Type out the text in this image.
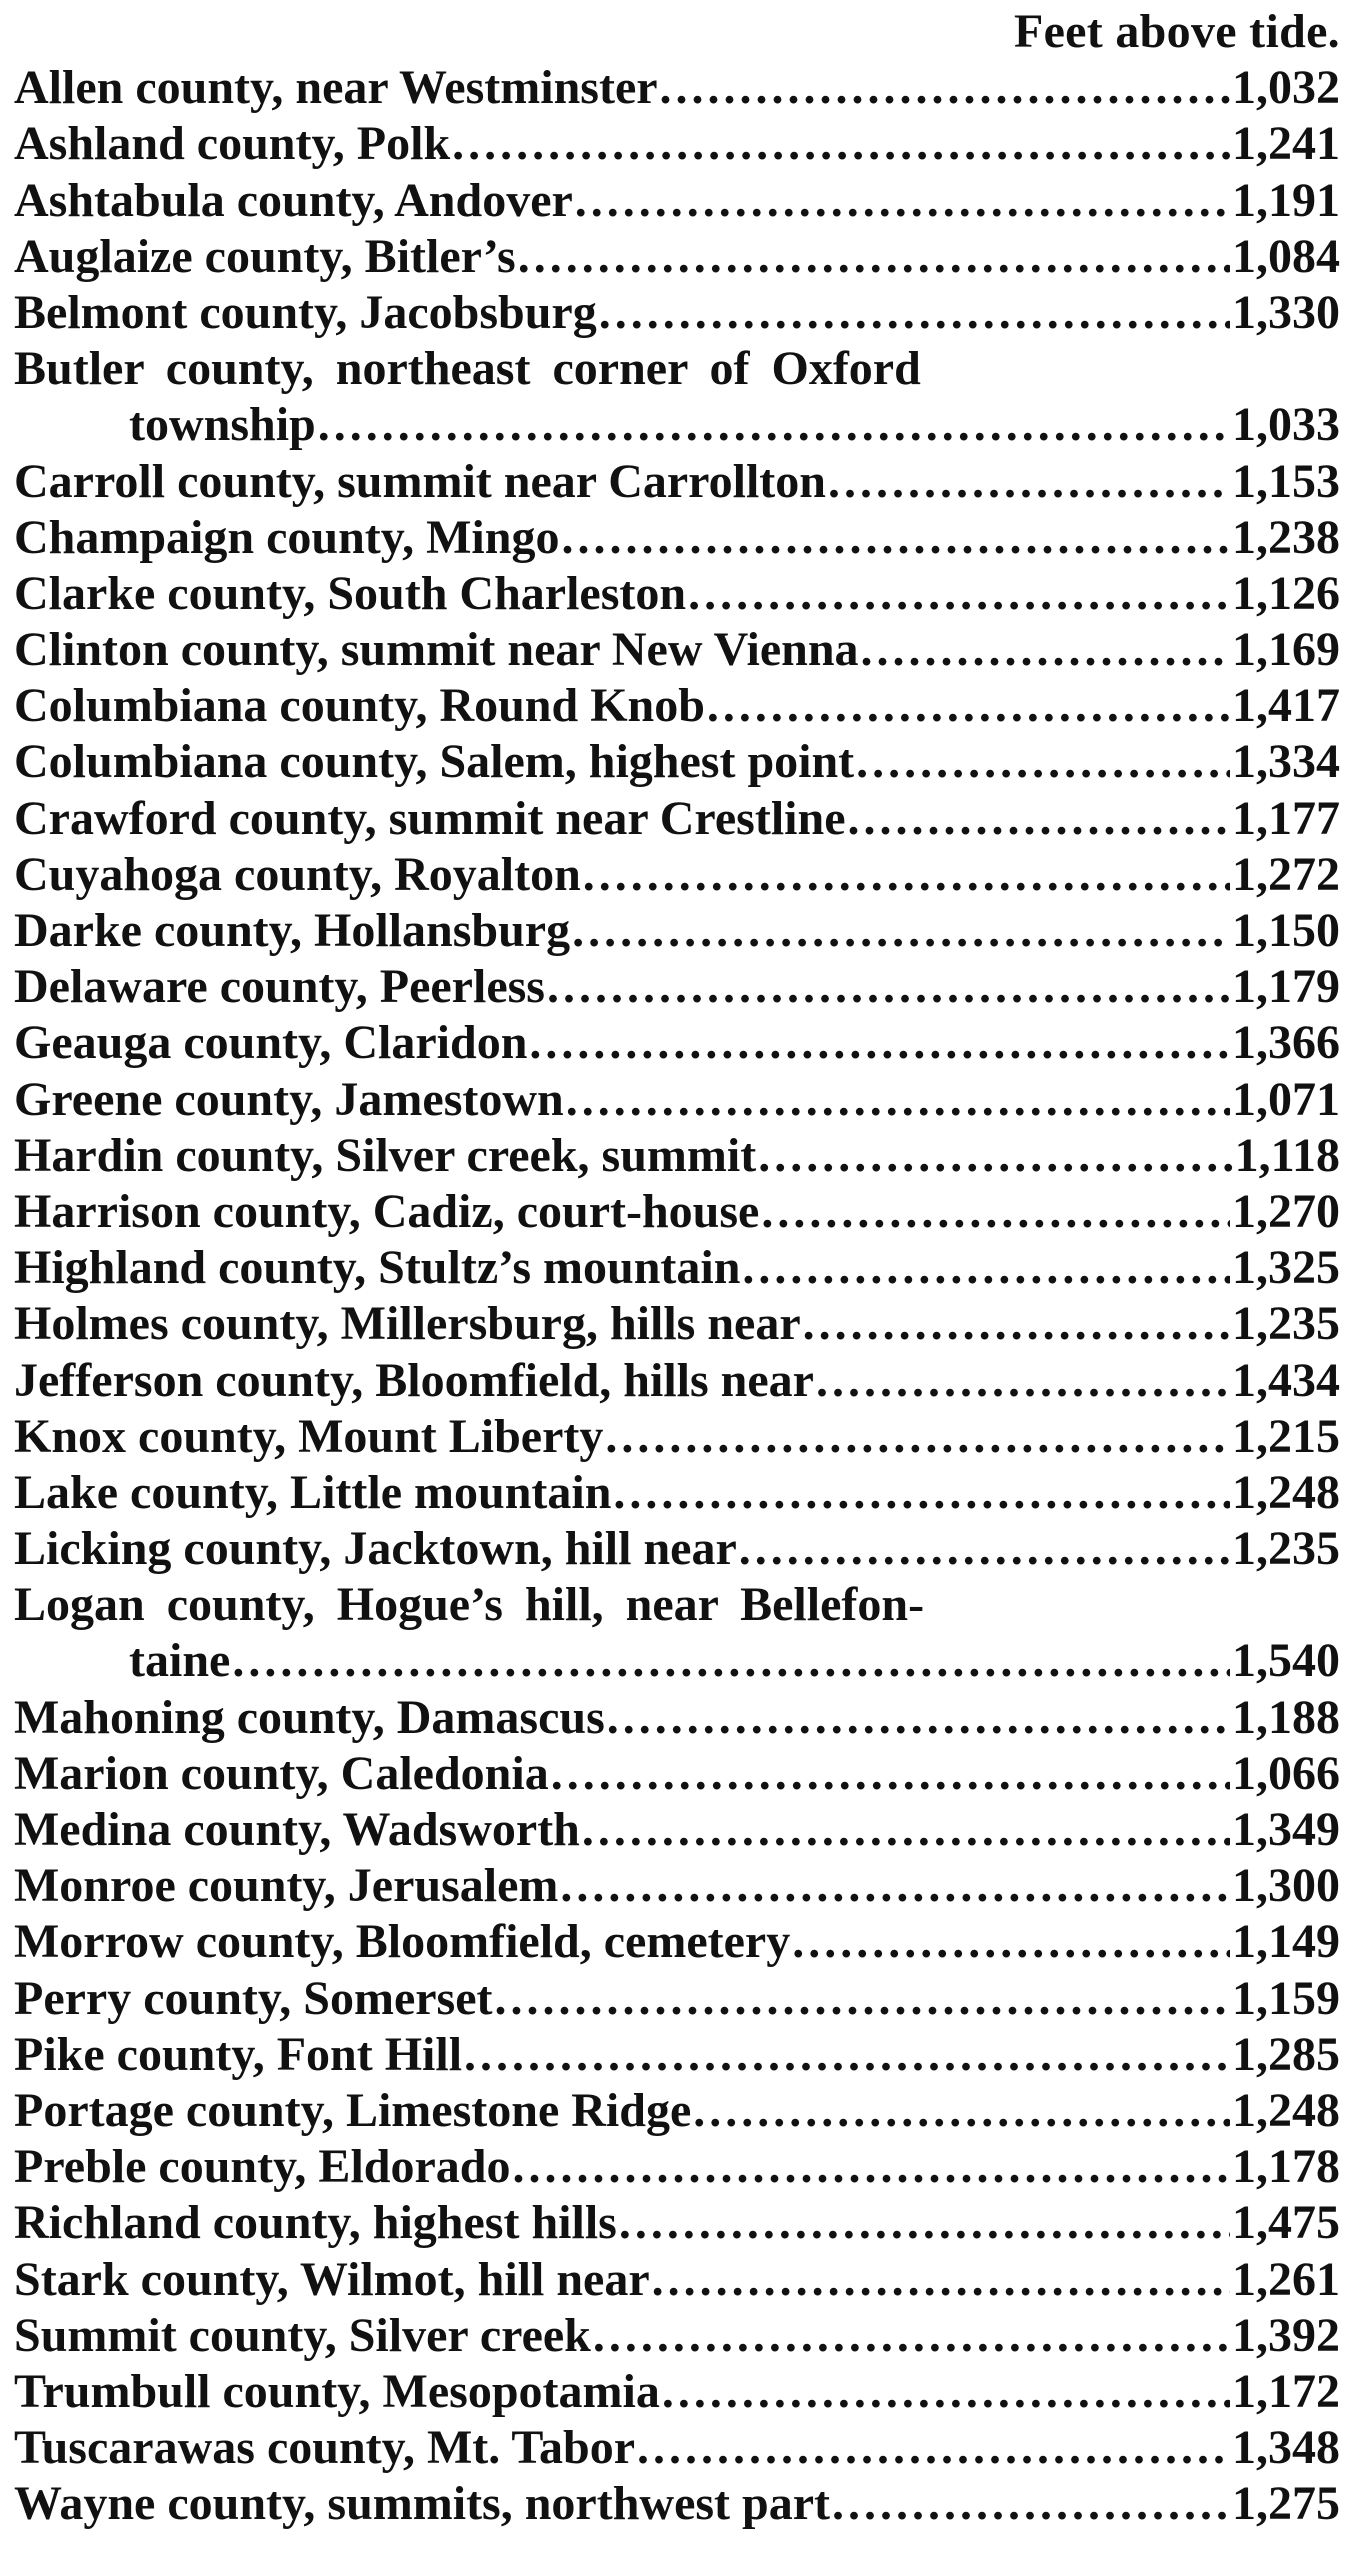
Feet above tide.
Allen county, near Westminster .....	1,032
Ashland county, Polk .....	1,241
Ashtabula county, Andover .....	1,191
Auglaize county, Bitler’s .....	1,084
Belmont county, Jacobsburg .....	1,330
Butler county, northeast corner of Oxford
township .....	1,033
Carroll county, summit near Carrollton .....	1,153
Champaign county, Mingo .....	1,238
Clarke county, South Charleston .....	1,126
Clinton county, summit near New Vienna .....	1,169
Columbiana county, Round Knob .....	1,417
Columbiana county, Salem, highest point .....	1,334
Crawford county, summit near Crestline .....	1,177
Cuyahoga county, Royalton .....	1,272
Darke county, Hollansburg .....	1,150
Delaware county, Peerless .....	1,179
Geauga county, Claridon .....	1,366
Greene county, Jamestown .....	1,071
Hardin county, Silver creek, summit .....	1,118
Harrison county, Cadiz, court-house .....	1,270
Highland county, Stultz’s mountain .....	1,325
Holmes county, Millersburg, hills near .....	1,235
Jefferson county, Bloomfield, hills near .....	1,434
Knox county, Mount Liberty .....	1,215
Lake county, Little mountain .....	1,248
Licking county, Jacktown, hill near .....	1,235
Logan county, Hogue’s hill, near Bellefon-
taine .....	1,540
Mahoning county, Damascus .....	1,188
Marion county, Caledonia .....	1,066
Medina county, Wadsworth .....	1,349
Monroe county, Jerusalem .....	1,300
Morrow county, Bloomfield, cemetery .....	1,149
Perry county, Somerset .....	1,159
Pike county, Font Hill .....	1,285
Portage county, Limestone Ridge .....	1,248
Preble county, Eldorado .....	1,178
Richland county, highest hills .....	1,475
Stark county, Wilmot, hill near .....	1,261
Summit county, Silver creek .....	1,392
Trumbull county, Mesopotamia .....	1,172
Tuscarawas county, Mt. Tabor .....	1,348
Wayne county, summits, northwest part .....	1,275
